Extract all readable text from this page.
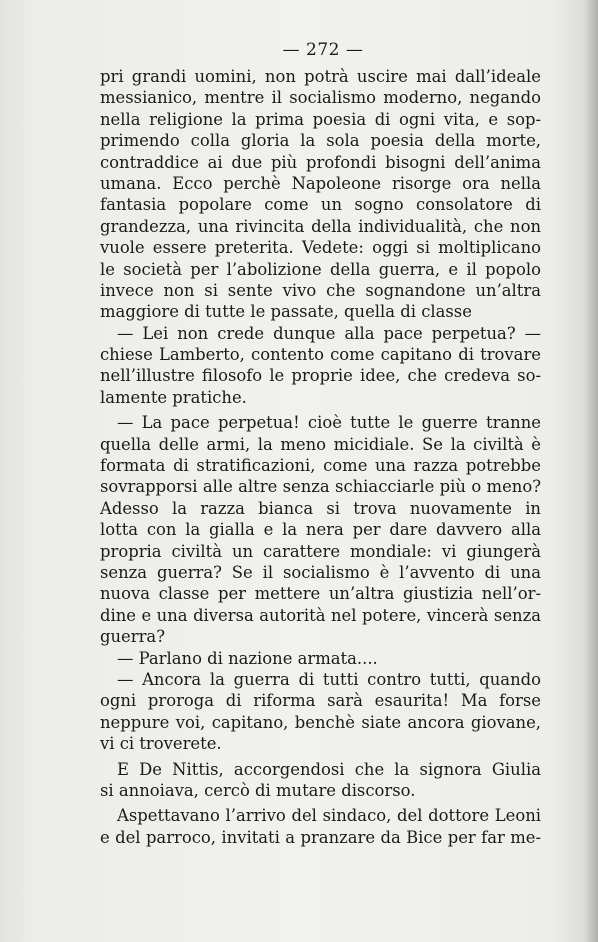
— 272 —
pri grandi uomini, non potrà uscire mai dall’ideale
messianico, mentre il socialismo moderno, negando
nella religione la prima poesia di ogni vita, e sop-
primendo colla gloria la sola poesia della morte,
contraddice ai due più profondi bisogni dell’anima
umana. Ecco perchè Napoleone risorge ora nella
fantasia popolare come un sogno consolatore di
grandezza, una rivincita della individualità, che non
vuole essere preterita. Vedete: oggi si moltiplicano
le società per l’abolizione della guerra, e il popolo
invece non si sente vivo che sognandone un’altra
maggiore di tutte le passate, quella di classe
— Lei non crede dunque alla pace perpetua? —
chiese Lamberto, contento come capitano di trovare
nell’illustre filosofo le proprie idee, che credeva so-
lamente pratiche.
— La pace perpetua! cioè tutte le guerre tranne
quella delle armi, la meno micidiale. Se la civiltà è
formata di stratificazioni, come una razza potrebbe
sovrapporsi alle altre senza schiacciarle più o meno?
Adesso la razza bianca si trova nuovamente in
lotta con la gialla e la nera per dare davvero alla
propria civiltà un carattere mondiale: vi giungerà
senza guerra? Se il socialismo è l’avvento di una
nuova classe per mettere un’altra giustizia nell’or-
dine e una diversa autorità nel potere, vincerà senza
guerra?
— Parlano di nazione armata....
— Ancora la guerra di tutti contro tutti, quando
ogni proroga di riforma sarà esaurita! Ma forse
neppure voi, capitano, benchè siate ancora giovane,
vi ci troverete.
E De Nittis, accorgendosi che la signora Giulia
si annoiava, cercò di mutare discorso.
Aspettavano l’arrivo del sindaco, del dottore Leoni
e del parroco, invitati a pranzare da Bice per far me-
